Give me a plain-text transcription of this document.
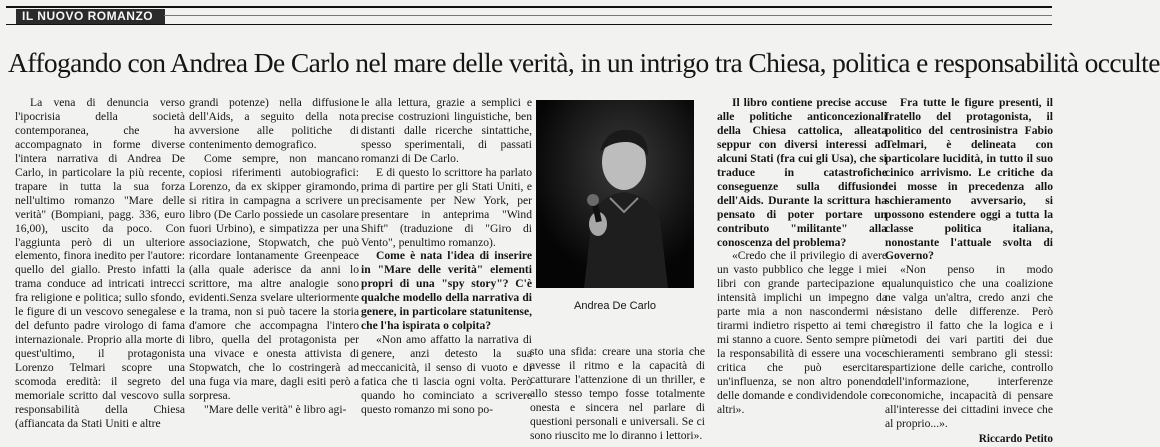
IL NUOVO ROMANZO
Affogando con Andrea De Carlo nel mare delle verità, in un intrigo tra Chiesa, politica e responsabilità occulte

La vena di denuncia verso l'ipocrisia della società contemporanea, che ha accompagnato in forme diverse l'intera narrativa di Andrea De Carlo, in particolare la più recente, trapare in tutta la sua forza nell'ultimo romanzo "Mare delle verità" (Bompiani, pagg. 336, euro 16,00), uscito da poco. Con l'aggiunta però di un ulteriore elemento, finora inedito per l'autore: quello del giallo. Presto infatti la trama conduce ad intricati intrecci fra religione e politica; sullo sfondo, le figure di un vescovo senegalese e del defunto padre virologo di fama internazionale. Proprio alla morte di quest'ultimo, il protagonista Lorenzo Telmari scopre una scomoda eredità: il segreto del memoriale scritto dal vescovo sulla responsabilità della Chiesa (affiancata da Stati Uniti e altre

grandi potenze) nella diffusione dell'Aids, a seguito della nota avversione alle politiche di contenimento demografico.

Come sempre, non mancano copiosi riferimenti autobiografici: Lorenzo, da ex skipper giramondo, si ritira in campagna a scrivere un libro (De Carlo possiede un casolare fuori Urbino), e simpatizza per una associazione, Stopwatch, che può ricordare lontanamente Greenpeace (alla quale aderisce da anni lo scrittore, ma altre analogie sono evidenti.Senza svelare ulteriormente la trama, non si può tacere la storia d'amore che accompagna l'intero libro, quella del protagonista per una vivace e onesta attivista di Stopwatch, che lo costringerà ad una fuga via mare, dagli esiti però a sorpresa.

"Mare delle verità" è libro agi-

le alla lettura, grazie a semplici e precise costruzioni linguistiche, ben distanti dalle ricerche sintattiche, spesso sperimentali, di passati romanzi di De Carlo.

E di questo lo scrittore ha parlato prima di partire per gli Stati Uniti, e precisamente per New York, per presentare in anteprima "Wind Shift" (traduzione di "Giro di Vento", penultimo romanzo).

Come è nata l'idea di inserire in "Mare delle verità" elementi propri di una "spy story"? C'è qualche modello della narrativa di genere, in particolare statunitense, che l'ha ispirata o colpita?

«Non amo affatto la narrativa di genere, anzi detesto la sua meccanicità, il senso di vuoto e di fatica che ti lascia ogni volta. Però quando ho cominciato a scrivere questo romanzo mi sono po-

Andrea De Carlo

sto una sfida: creare una storia che avesse il ritmo e la capacità di catturare l'attenzione di un thriller, e allo stesso tempo fosse totalmente onesta e sincera nel parlare di questioni personali e universali. Se ci sono riuscito me lo diranno i lettori».

Il libro contiene precise accuse alle politiche anticoncezionali della Chiesa cattolica, alleata seppur con diversi interessi ad alcuni Stati (fra cui gli Usa), che si traduce in catastrofiche conseguenze sulla diffusione dell'Aids. Durante la scrittura ha pensato di poter portare un contributo "militante" alla conoscenza del problema?

«Credo che il privilegio di avere un vasto pubblico che legge i miei libri con grande partecipazione e intensità implichi un impegno da parte mia a non nascondermi né tirarmi indietro rispetto ai temi che mi stanno a cuore. Sento sempre più la responsabilità di essere una voce critica che può esercitare un'influenza, se non altro ponendo delle domande e condividendole con altri».

Fra tutte le figure presenti, il fratello del protagonista, il politico del centrosinistra Fabio Telmari, è delineata con particolare lucidità, in tutto il suo cinico arrivismo. Le critiche da lei mosse in precedenza allo schieramento avversario, si possono estendere oggi a tutta la classe politica italiana, nonostante l'attuale svolta di Governo?

«Non penso in modo qualunquistico che una coalizione ne valga un'altra, credo anzi che esistano delle differenze. Però registro il fatto che la logica e i metodi dei vari partiti dei due schieramenti sembrano gli stessi: spartizione delle cariche, controllo dell'informazione, interferenze economiche, incapacità di pensare all'interesse dei cittadini invece che al proprio...».

Riccardo Petito
